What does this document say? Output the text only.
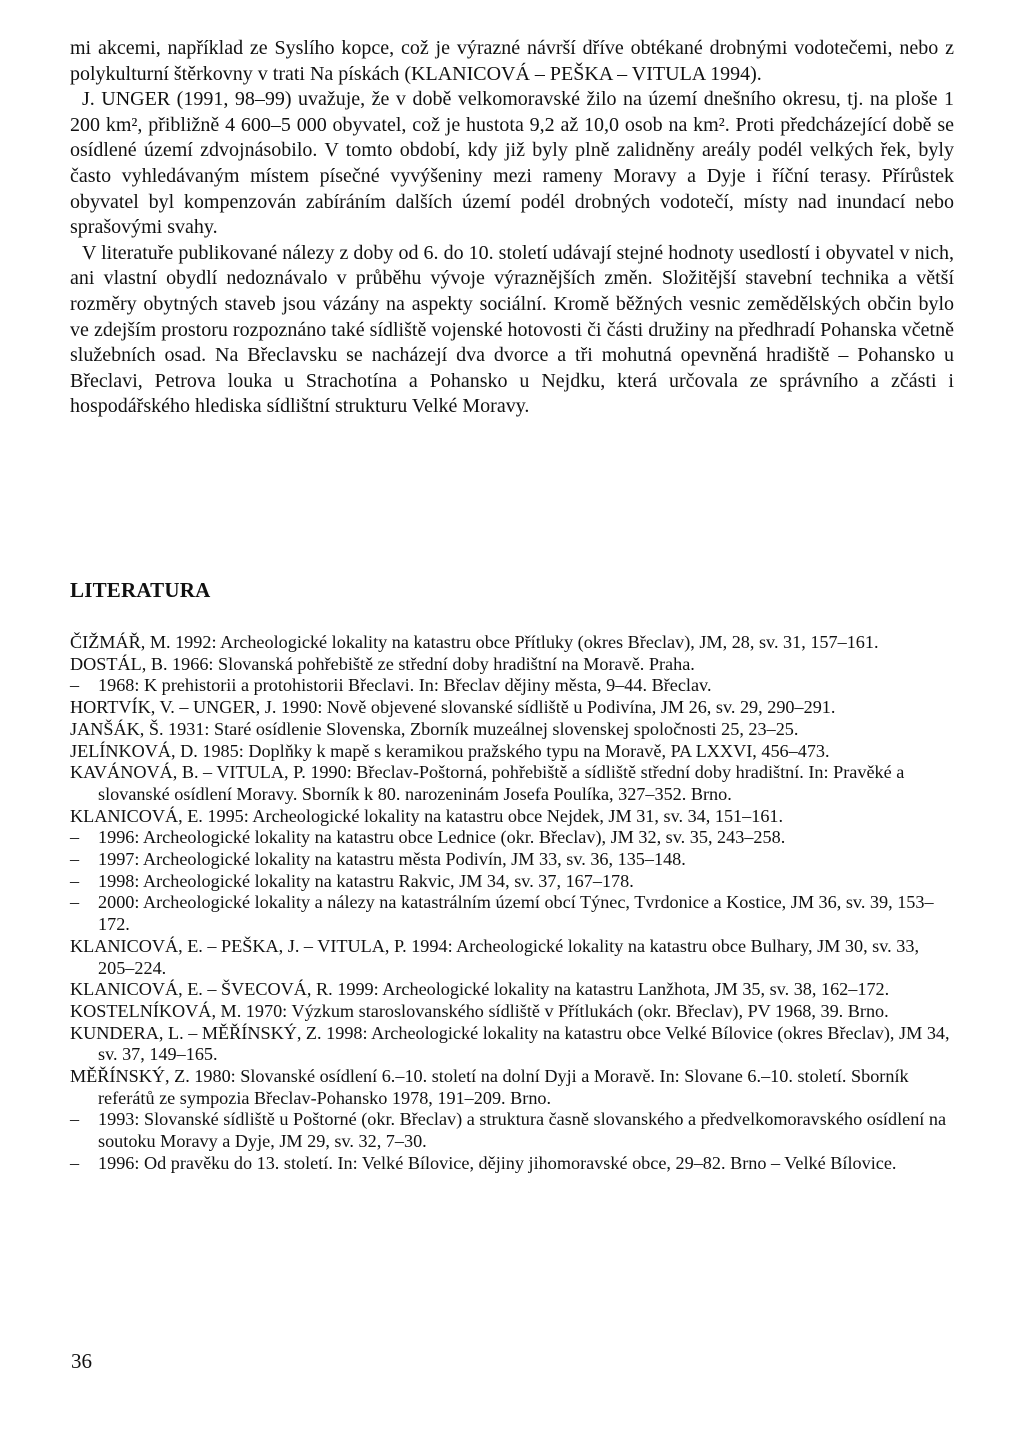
mi akcemi, například ze Syslího kopce, což je výrazné návrší dříve obtékané drobnými vodotečemi, nebo z polykulturní štěrkovny v trati Na pískách (KLANICOVÁ – PEŠKA – VITULA 1994).

J. UNGER (1991, 98–99) uvažuje, že v době velkomoravské žilo na území dnešního okresu, tj. na ploše 1 200 km², přibližně 4 600–5 000 obyvatel, což je hustota 9,2 až 10,0 osob na km². Proti předcházející době se osídlené území zdvojnásobilo. V tomto období, kdy již byly plně zalidněny areály podél velkých řek, byly často vyhledávaným místem písečné vyvýšeniny mezi rameny Moravy a Dyje i říční terasy. Přírůstek obyvatel byl kompenzován zabíráním dalších území podél drobných vodotečí, místy nad inundací nebo sprašovými svahy.

V literatuře publikované nálezy z doby od 6. do 10. století udávají stejné hodnoty usedlostí i obyvatel v nich, ani vlastní obydlí nedoznávalo v průběhu vývoje výraznějších změn. Složitější stavební technika a větší rozměry obytných staveb jsou vázány na aspekty sociální. Kromě běžných vesnic zemědělských občin bylo ve zdejším prostoru rozpoznáno také sídliště vojenské hotovosti či části družiny na předhradí Pohanska včetně služebních osad. Na Břeclavsku se nacházejí dva dvorce a tři mohutná opevněná hradiště – Pohansko u Břeclavi, Petrova louka u Strachotína a Pohansko u Nejdku, která určovala ze správního a zčásti i hospodářského hlediska sídlištní strukturu Velké Moravy.

LITERATURA
ČIŽMÁŘ, M. 1992: Archeologické lokality na katastru obce Přítluky (okres Břeclav), JM, 28, sv. 31, 157–161.
DOSTÁL, B. 1966: Slovanská pohřebiště ze střední doby hradištní na Moravě. Praha.
– 1968: K prehistorii a protohistorii Břeclavi. In: Břeclav dějiny města, 9–44. Břeclav.
HORTVÍK, V. – UNGER, J. 1990: Nově objevené slovanské sídliště u Podivína, JM 26, sv. 29, 290–291.
JANŠÁK, Š. 1931: Staré osídlenie Slovenska, Zborník muzeálnej slovenskej spoločnosti 25, 23–25.
JELÍNKOVÁ, D. 1985: Doplňky k mapě s keramikou pražského typu na Moravě, PA LXXVI, 456–473.
KAVÁNOVÁ, B. – VITULA, P. 1990: Břeclav-Poštorná, pohřebiště a sídliště střední doby hradištní. In: Pravěké a slovanské osídlení Moravy. Sborník k 80. narozeninám Josefa Poulíka, 327–352. Brno.
KLANICOVÁ, E. 1995: Archeologické lokality na katastru obce Nejdek, JM 31, sv. 34, 151–161.
– 1996: Archeologické lokality na katastru obce Lednice (okr. Břeclav), JM 32, sv. 35, 243–258.
– 1997: Archeologické lokality na katastru města Podivín, JM 33, sv. 36, 135–148.
– 1998: Archeologické lokality na katastru Rakvic, JM 34, sv. 37, 167–178.
– 2000: Archeologické lokality a nálezy na katastrálním území obcí Týnec, Tvrdonice a Kostice, JM 36, sv. 39, 153–172.
KLANICOVÁ, E. – PEŠKA, J. – VITULA, P. 1994: Archeologické lokality na katastru obce Bulhary, JM 30, sv. 33, 205–224.
KLANICOVÁ, E. – ŠVECOVÁ, R. 1999: Archeologické lokality na katastru Lanžhota, JM 35, sv. 38, 162–172.
KOSTELNÍKOVÁ, M. 1970: Výzkum staroslovanského sídliště v Přítlukách (okr. Břeclav), PV 1968, 39. Brno.
KUNDERA, L. – MĚŘÍNSKÝ, Z. 1998: Archeologické lokality na katastru obce Velké Bílovice (okres Břeclav), JM 34, sv. 37, 149–165.
MĚŘÍNSKÝ, Z. 1980: Slovanské osídlení 6.–10. století na dolní Dyji a Moravě. In: Slovane 6.–10. století. Sborník referátů ze sympozia Břeclav-Pohansko 1978, 191–209. Brno.
– 1993: Slovanské sídliště u Poštorné (okr. Břeclav) a struktura časně slovanského a předvelkomoravského osídlení na soutoku Moravy a Dyje, JM 29, sv. 32, 7–30.
– 1996: Od pravěku do 13. století. In: Velké Bílovice, dějiny jihomoravské obce, 29–82. Brno – Velké Bílovice.
36
